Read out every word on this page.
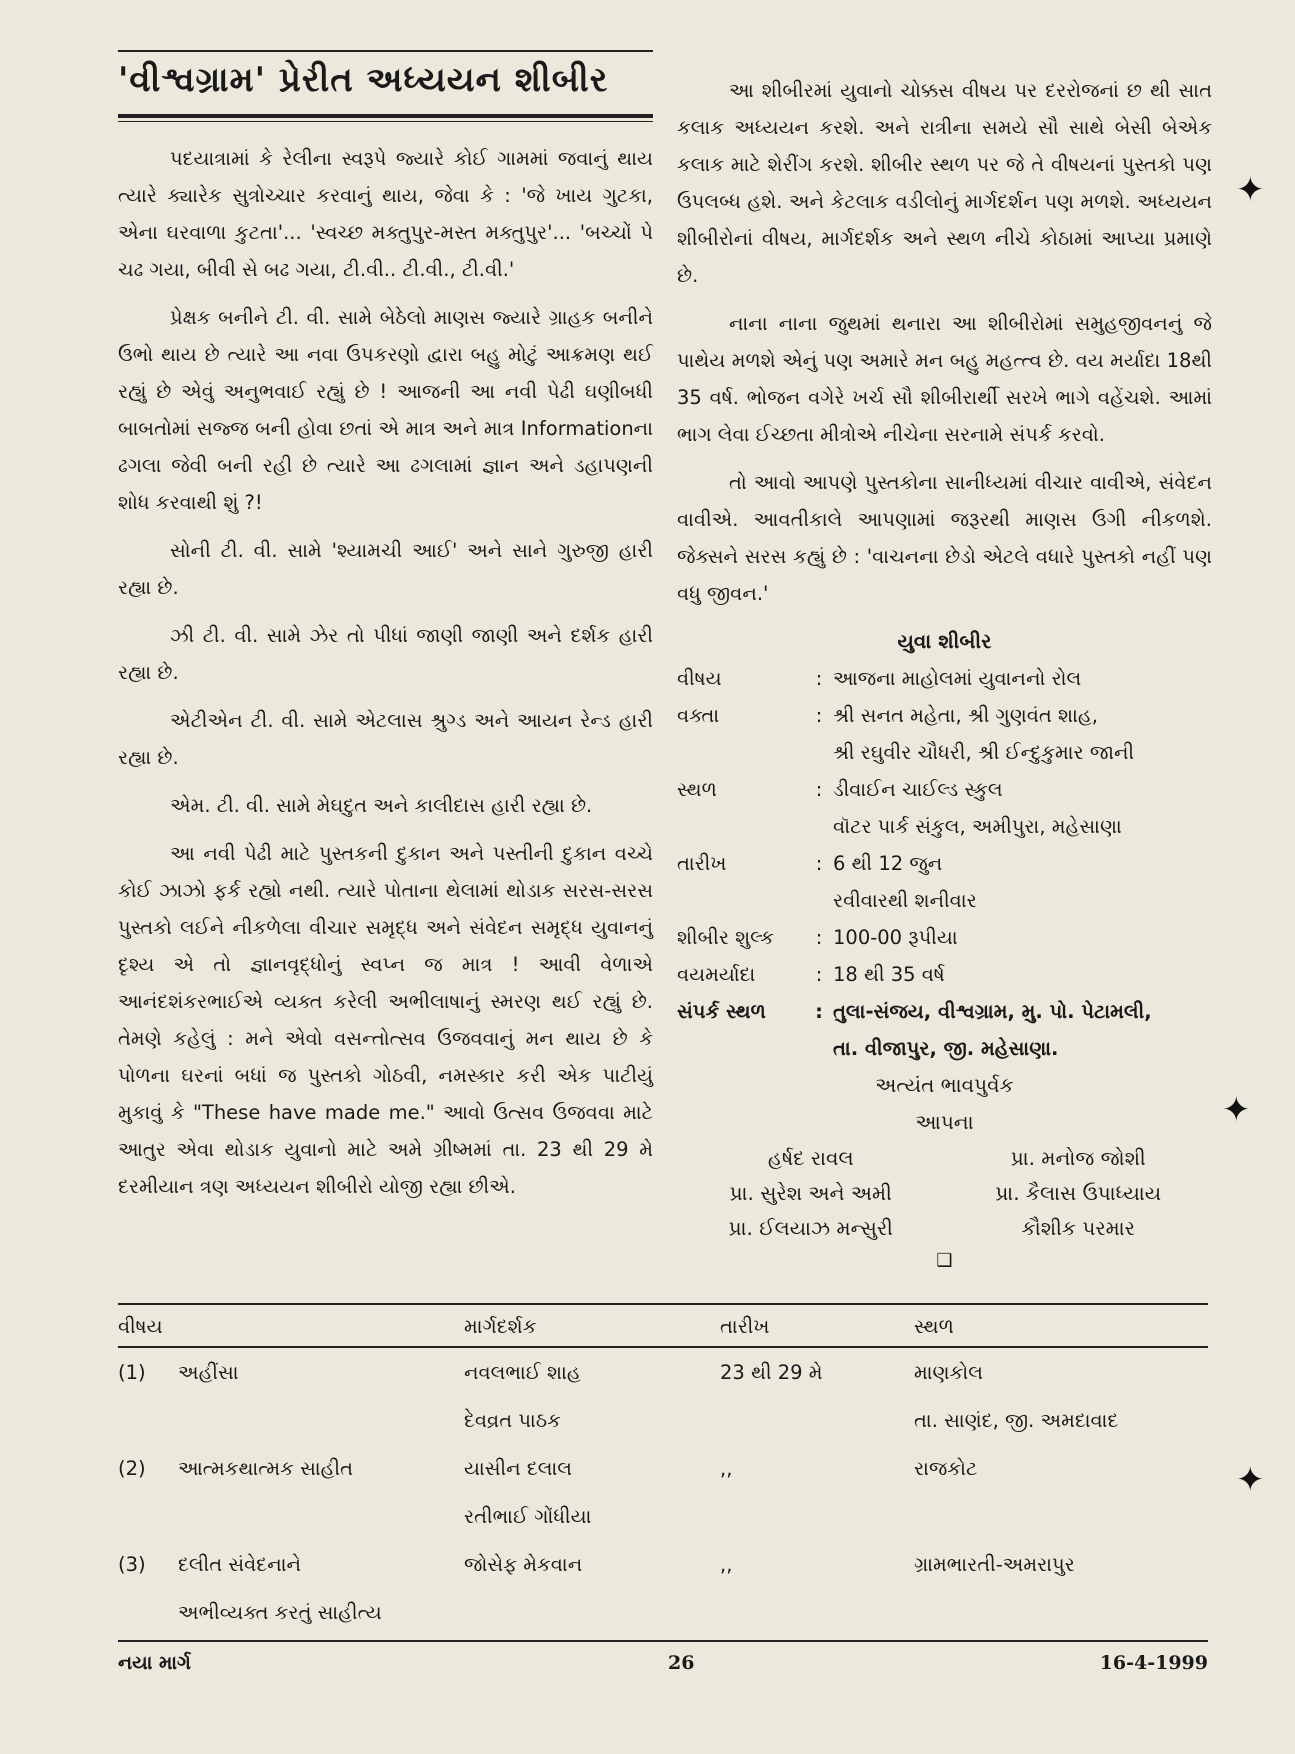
'વીશ્વગ્રામ' પ્રેરીત અધ્યયન શીબીર

પદયાત્રામાં કે રેલીના સ્વરૂપે જ્યારે કોઈ ગામમાં જવાનું થાય ત્યારે ક્યારેક સુત્રોચ્ચાર કરવાનું થાય, જેવા કે : 'જે ખાય ગુટકા, એના ઘરવાળા કુટતા'... 'સ્વચ્છ મક્તુપુર-મસ્ત મક્તુપુર'... 'બચ્ચોં પે ચઢ ગયા, બીવી સે બઢ ગયા, ટી.વી.. ટી.વી., ટી.વી.'

પ્રેક્ષક બનીને ટી. વી. સામે બેઠેલો માણસ જ્યારે ગ્રાહક બનીને ઉભો થાય છે ત્યારે આ નવા ઉપકરણો દ્વારા બહુ મોટું આક્રમણ થઈ રહ્યું છે એવું અનુભવાઈ રહ્યું છે ! આજની આ નવી પેઢી ઘણીબધી બાબતોમાં સજ્જ બની હોવા છતાં એ માત્ર અને માત્ર Informationના ઢગલા જેવી બની રહી છે ત્યારે આ ઢગલામાં જ્ઞાન અને ડહાપણની શોધ કરવાથી શું ?!

સોની ટી. વી. સામે 'શ્યામચી આઈ' અને સાને ગુરુજી હારી રહ્યા છે.

ઝી ટી. વી. સામે ઝેર તો પીધાં જાણી જાણી અને દર્શક હારી રહ્યા છે.

એટીએન ટી. વી. સામે એટલાસ શ્રુગ્ડ અને આયન રેન્ડ હારી રહ્યા છે.

એમ. ટી. વી. સામે મેઘદુત અને કાલીદાસ હારી રહ્યા છે.

આ નવી પેઢી માટે પુસ્તકની દુકાન અને પસ્તીની દુકાન વચ્ચે કોઈ ઝાઝો ફર્ક રહ્યો નથી. ત્યારે પોતાના થેલામાં થોડાક સરસ-સરસ પુસ્તકો લઈને નીકળેલા વીચાર સમૃદ્ધ અને સંવેદન સમૃદ્ધ યુવાનનું દૃશ્ય એ તો જ્ઞાનવૃદ્ધોનું સ્વપ્ન જ માત્ર ! આવી વેળાએ આનંદશંકરભાઈએ વ્યક્ત કરેલી અભીલાષાનું સ્મરણ થઈ રહ્યું છે. તેમણે કહેલું : મને એવો વસન્તોત્સવ ઉજવવાનું મન થાય છે કે પોળના ઘરનાં બધાં જ પુસ્તકો ગોઠવી, નમસ્કાર કરી એક પાટીયું મુકાવું કે "These have made me." આવો ઉત્સવ ઉજવવા માટે આતુર એવા થોડાક યુવાનો માટે અમે ગ્રીષ્મમાં તા. 23 થી 29 મે દરમીયાન ત્રણ અધ્યયન શીબીરો યોજી રહ્યા છીએ.

આ શીબીરમાં યુવાનો ચોક્કસ વીષય પર દરરોજનાં છ થી સાત કલાક અધ્યયન કરશે. અને રાત્રીના સમયે સૌ સાથે બેસી બેએક કલાક માટે શેરીંગ કરશે. શીબીર સ્થળ પર જે તે વીષયનાં પુસ્તકો પણ ઉપલબ્ધ હશે. અને કેટલાક વડીલોનું માર્ગદર્શન પણ મળશે. અધ્યયન શીબીરોનાં વીષય, માર્ગદર્શક અને સ્થળ નીચે કોઠામાં આપ્યા પ્રમાણે છે.

નાના નાના જુથમાં થનારા આ શીબીરોમાં સમુહજીવનનું જે પાથેય મળશે એનું પણ અમારે મન બહુ મહત્ત્વ છે. વય મર્યાદા 18થી 35 વર્ષ. ભોજન વગેરે ખર્ચ સૌ શીબીરાર્થી સરખે ભાગે વહેંચશે. આમાં ભાગ લેવા ઈચ્છતા મીત્રોએ નીચેના સરનામે સંપર્ક કરવો.

તો આવો આપણે પુસ્તકોના સાનીધ્યમાં વીચાર વાવીએ, સંવેદન વાવીએ. આવતીકાલે આપણામાં જરૂરથી માણસ ઉગી નીકળશે. જેક્સને સરસ કહ્યું છે : 'વાચનના છેડો એટલે વધારે પુસ્તકો નહીં પણ વધુ જીવન.'

યુવા શીબીર
વીષય	:	આજના માહોલમાં યુવાનનો રોલ
વક્તા	:	શ્રી સનત મહેતા, શ્રી ગુણવંત શાહ,
		શ્રી રઘુવીર ચૌધરી, શ્રી ઈન્દુકુમાર જાની
સ્થળ	:	ડીવાઈન ચાઈલ્ડ સ્કુલ
		વૉટર પાર્ક સંકુલ, અમીપુરા, મહેસાણા
તારીખ	:	6 થી 12 જુન
		રવીવારથી શનીવાર
શીબીર શુલ્ક	:	100-00 રૂપીયા
વયમર્યાદા	:	18 થી 35 વર્ષ
સંપર્ક સ્થળ	:	તુલા-સંજય, વીશ્વગ્રામ, મુ. પો. પેટામલી,
		તા. વીજાપુર, જી. મહેસાણા.
અત્યંત ભાવપુર્વક
આપના
હર્ષદ રાવલ	પ્રા. મનોજ જોશી
પ્રા. સુરેશ અને અમી	પ્રા. કૈલાસ ઉપાધ્યાય
પ્રા. ઈલયાઝ મન્સુરી	કૌશીક પરમાર
❑
વીષય	માર્ગદર્શક	તારીખ	સ્થળ
(1) અહીંસા	નવલભાઈ શાહ	23 થી 29 મે	માણકોલ
	દેવવ્રત પાઠક		તા. સાણંદ, જી. અમદાવાદ
(2) આત્મકથાત્મક સાહીત	યાસીન દલાલ	,,	રાજકોટ
	રતીભાઈ ગોંધીયા		
(3) દલીત સંવેદનાને	જોસેફ મેકવાન	,,	ગ્રામભારતી-અમરાપુર
અભીવ્યક્ત કરતું સાહીત્ય			
નયા માર્ગ	26	16-4-1999
✦
✦
✦
